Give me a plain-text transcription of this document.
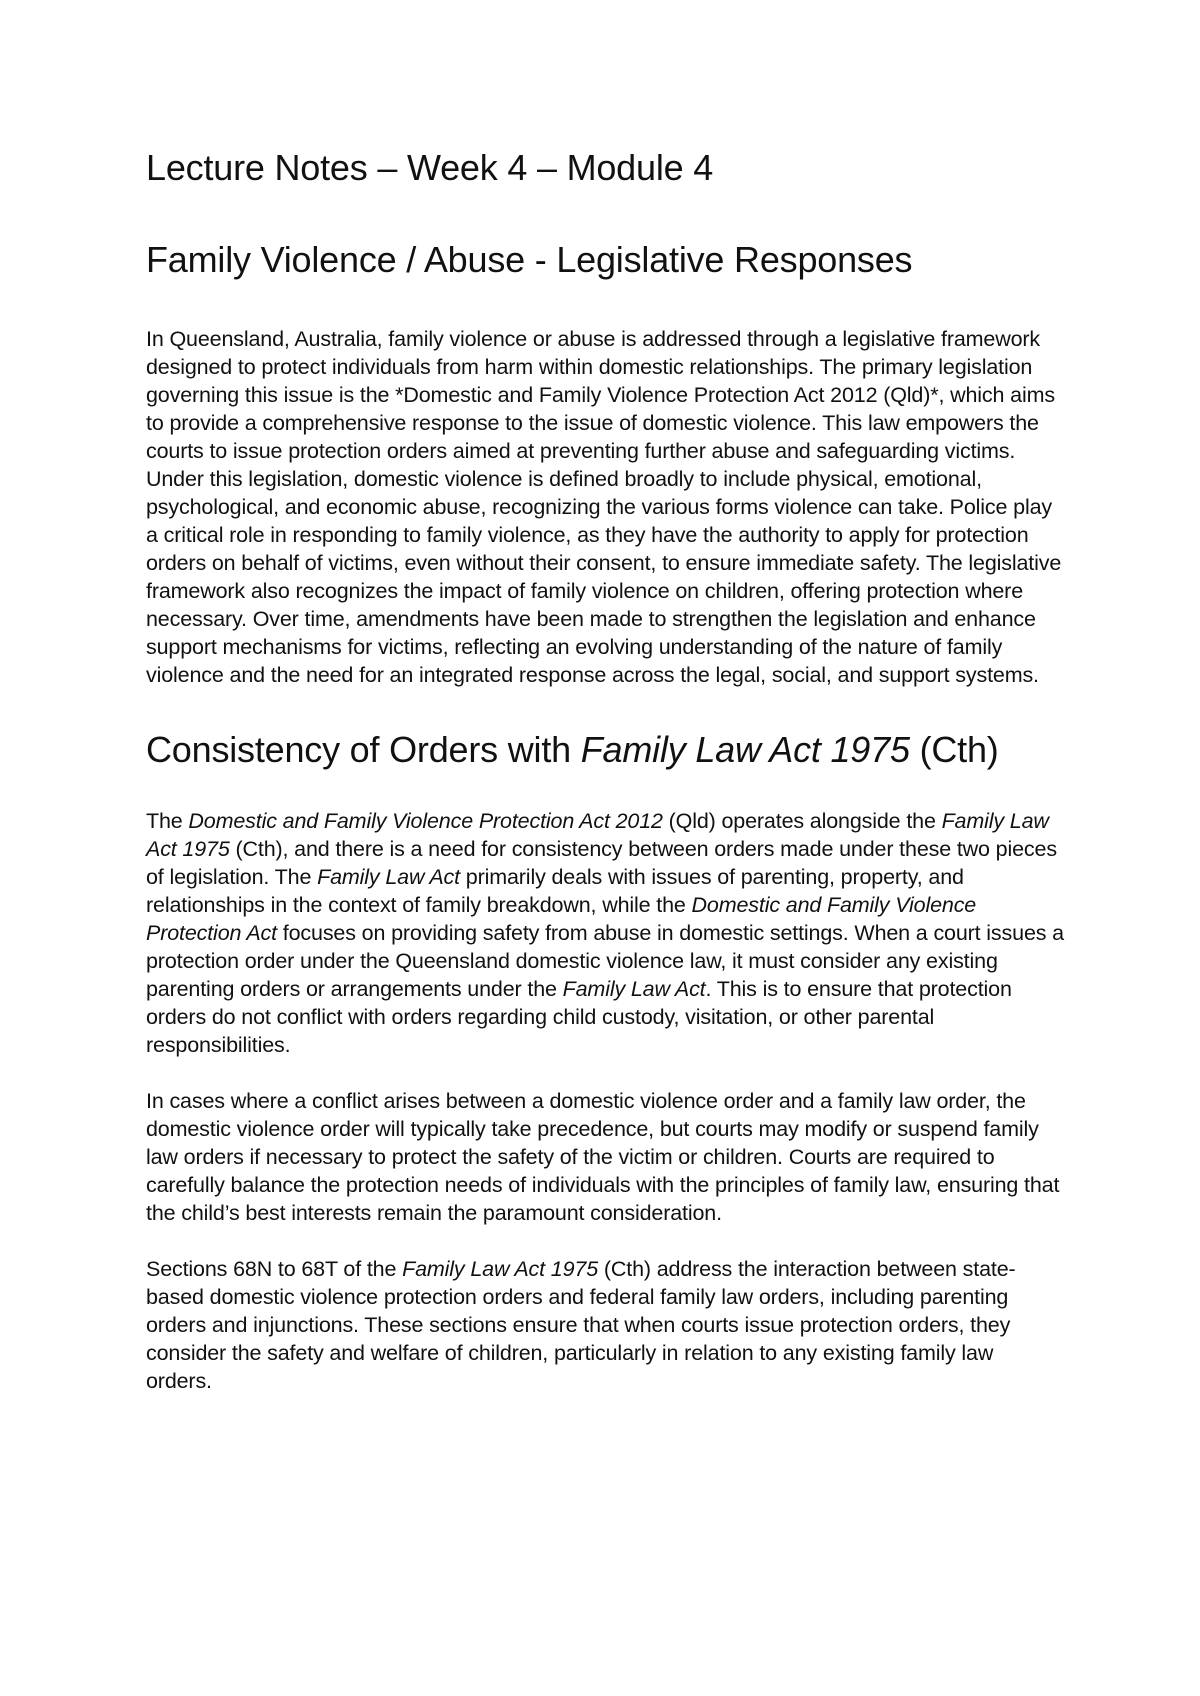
Lecture Notes – Week 4 – Module 4
Family Violence / Abuse - Legislative Responses

In Queensland, Australia, family violence or abuse is addressed through a legislative framework designed to protect individuals from harm within domestic relationships. The primary legislation governing this issue is the *Domestic and Family Violence Protection Act 2012 (Qld)*, which aims to provide a comprehensive response to the issue of domestic violence. This law empowers the courts to issue protection orders aimed at preventing further abuse and safeguarding victims. Under this legislation, domestic violence is defined broadly to include physical, emotional, psychological, and economic abuse, recognizing the various forms violence can take. Police play a critical role in responding to family violence, as they have the authority to apply for protection orders on behalf of victims, even without their consent, to ensure immediate safety. The legislative framework also recognizes the impact of family violence on children, offering protection where necessary. Over time, amendments have been made to strengthen the legislation and enhance support mechanisms for victims, reflecting an evolving understanding of the nature of family violence and the need for an integrated response across the legal, social, and support systems.

Consistency of Orders with Family Law Act 1975 (Cth)

The Domestic and Family Violence Protection Act 2012 (Qld) operates alongside the Family Law Act 1975 (Cth), and there is a need for consistency between orders made under these two pieces of legislation. The Family Law Act primarily deals with issues of parenting, property, and relationships in the context of family breakdown, while the Domestic and Family Violence Protection Act focuses on providing safety from abuse in domestic settings. When a court issues a protection order under the Queensland domestic violence law, it must consider any existing parenting orders or arrangements under the Family Law Act. This is to ensure that protection orders do not conflict with orders regarding child custody, visitation, or other parental responsibilities.

In cases where a conflict arises between a domestic violence order and a family law order, the domestic violence order will typically take precedence, but courts may modify or suspend family law orders if necessary to protect the safety of the victim or children. Courts are required to carefully balance the protection needs of individuals with the principles of family law, ensuring that the child’s best interests remain the paramount consideration.

Sections 68N to 68T of the Family Law Act 1975 (Cth) address the interaction between state-based domestic violence protection orders and federal family law orders, including parenting orders and injunctions. These sections ensure that when courts issue protection orders, they consider the safety and welfare of children, particularly in relation to any existing family law orders.
